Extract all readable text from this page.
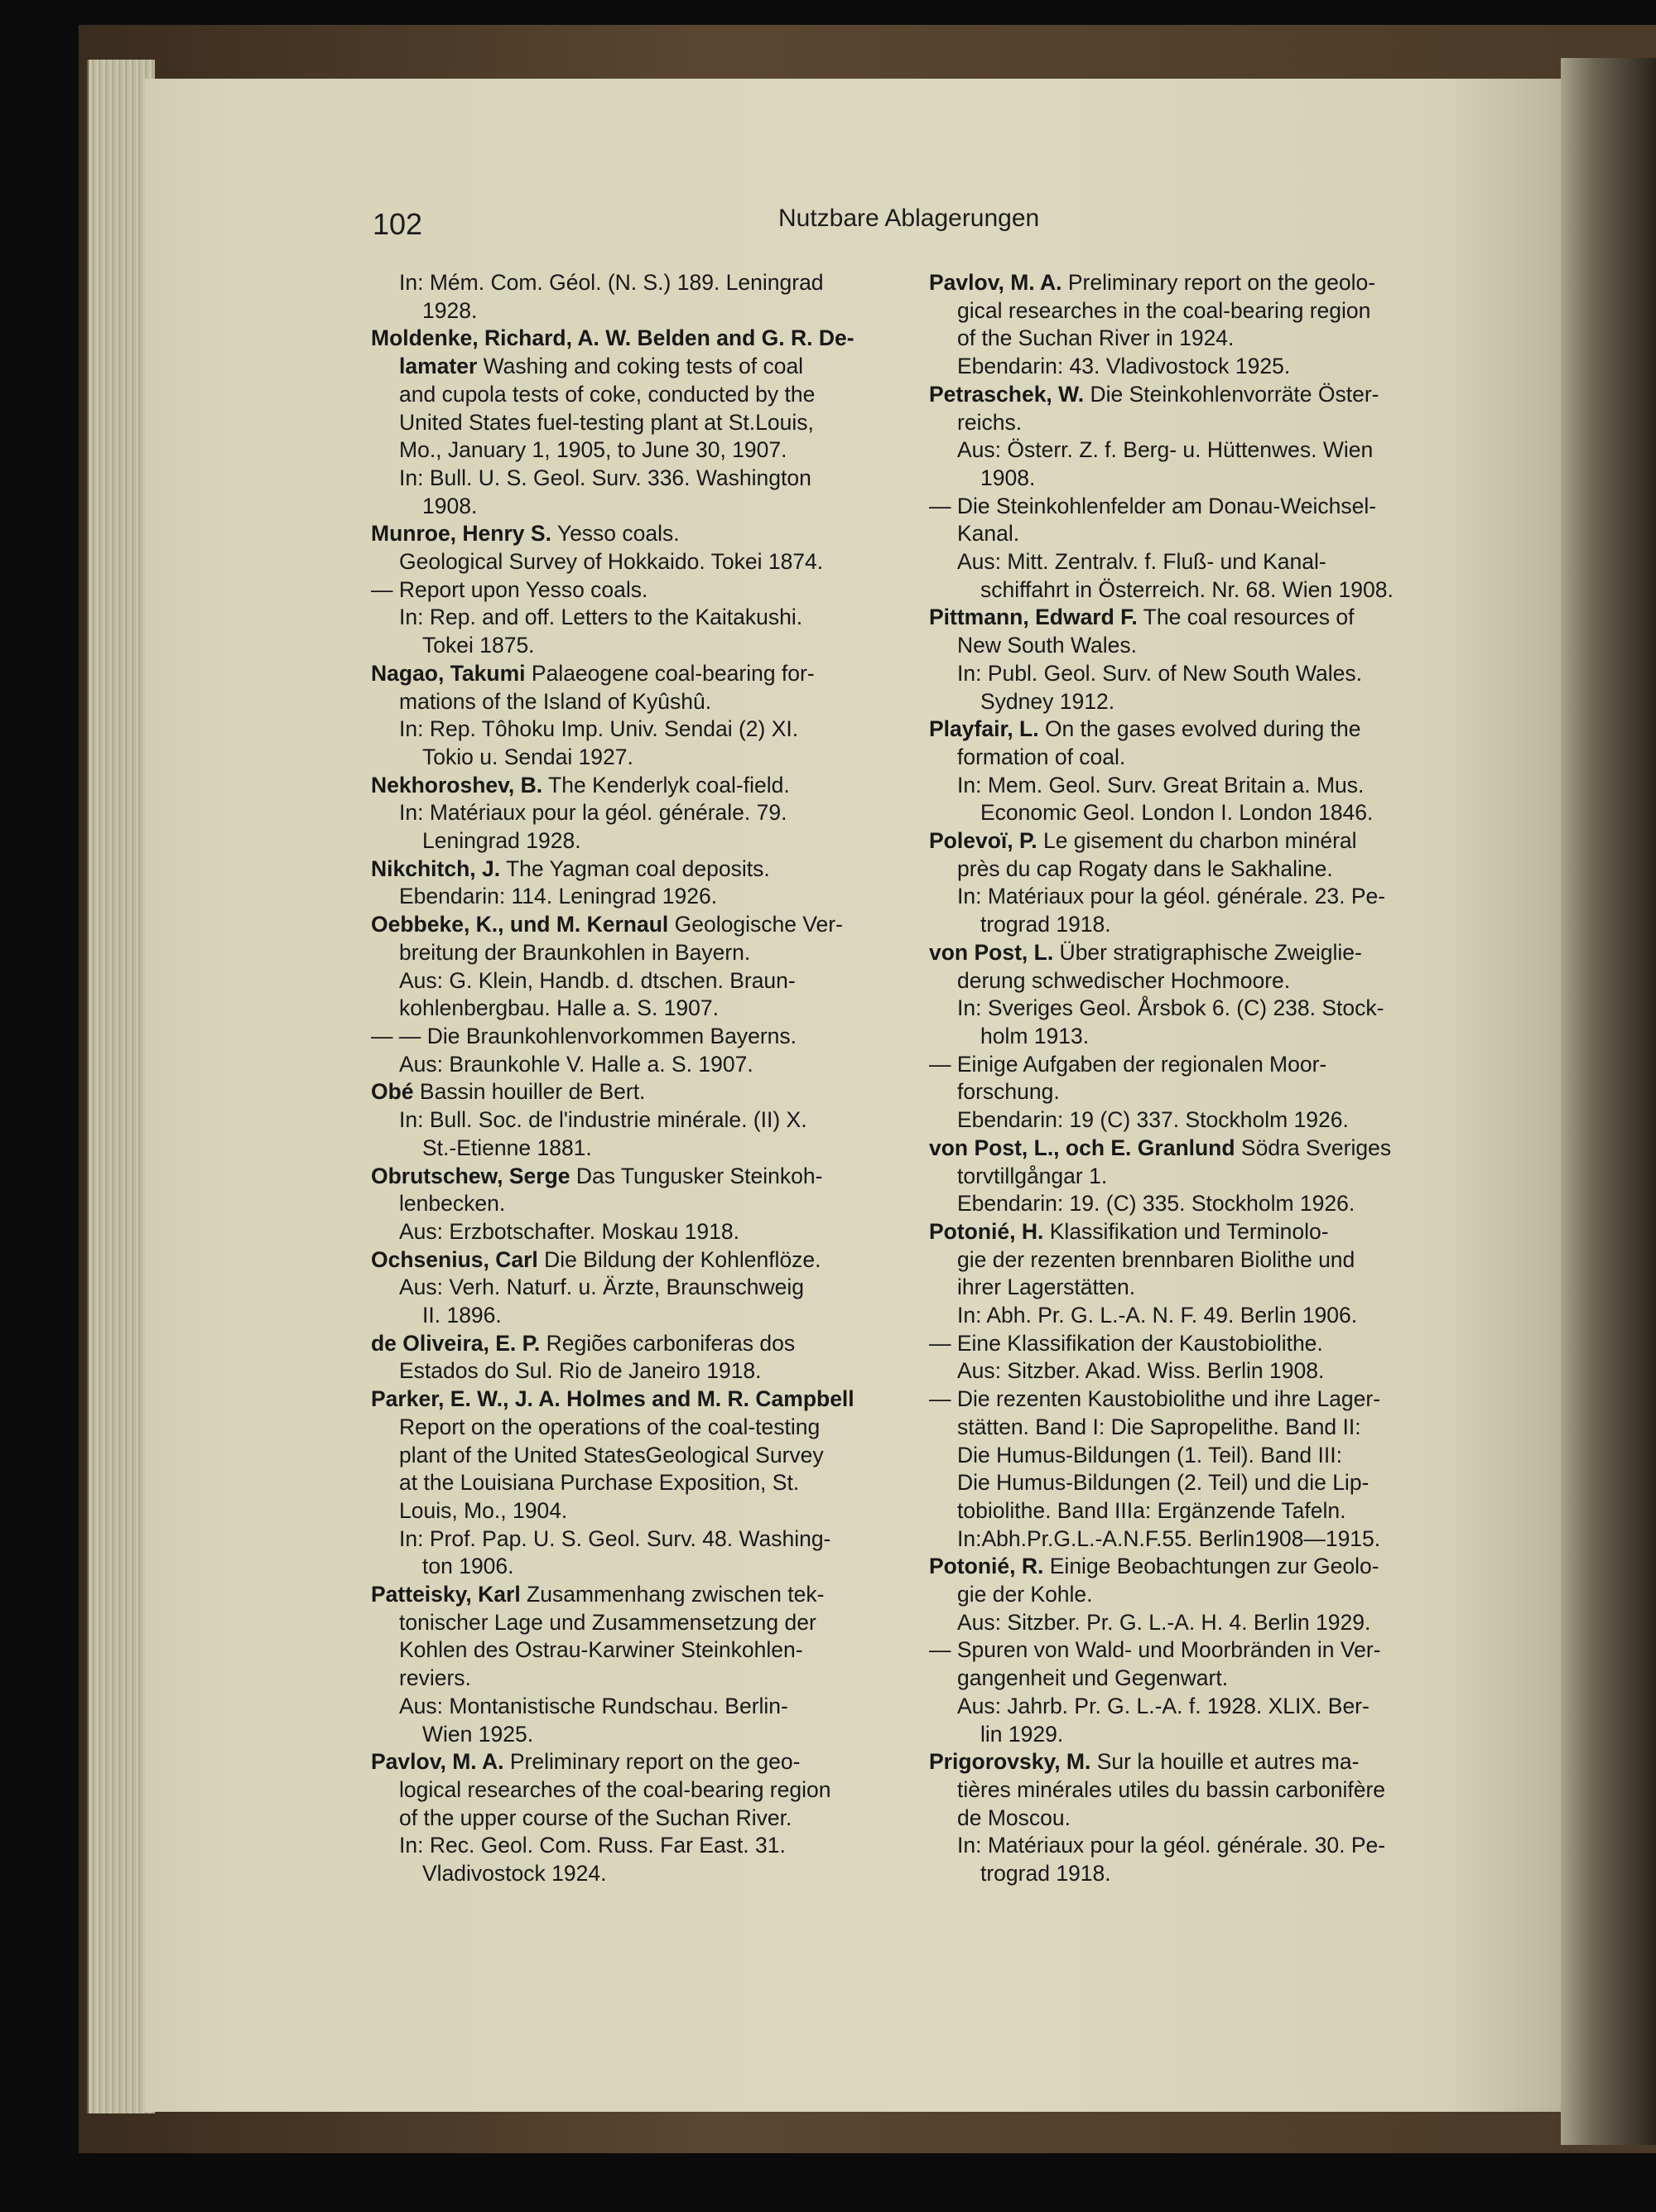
102	Nutzbare Ablagerungen
In: Mém. Com. Géol. (N. S.) 189. Leningrad
1928.
Moldenke, Richard, A. W. Belden and G. R. De-
lamater Washing and coking tests of coal
and cupola tests of coke, conducted by the
United States fuel-testing plant at St.Louis,
Mo., January 1, 1905, to June 30, 1907.
In: Bull. U. S. Geol. Surv. 336. Washington
1908.
Munroe, Henry S. Yesso coals.
Geological Survey of Hokkaido. Tokei 1874.
— Report upon Yesso coals.
In: Rep. and off. Letters to the Kaitakushi.
Tokei 1875.
Nagao, Takumi Palaeogene coal-bearing for-
mations of the Island of Kyûshû.
In: Rep. Tôhoku Imp. Univ. Sendai (2) XI.
Tokio u. Sendai 1927.
Nekhoroshev, B. The Kenderlyk coal-field.
In: Matériaux pour la géol. générale. 79.
Leningrad 1928.
Nikchitch, J. The Yagman coal deposits.
Ebendarin: 114. Leningrad 1926.
Oebbeke, K., und M. Kernaul Geologische Ver-
breitung der Braunkohlen in Bayern.
Aus: G. Klein, Handb. d. dtschen. Braun-
kohlenbergbau. Halle a. S. 1907.
— — Die Braunkohlenvorkommen Bayerns.
Aus: Braunkohle V. Halle a. S. 1907.
Obé Bassin houiller de Bert.
In: Bull. Soc. de l'industrie minérale. (II) X.
St.-Etienne 1881.
Obrutschew, Serge Das Tungusker Steinkoh-
lenbecken.
Aus: Erzbotschafter. Moskau 1918.
Ochsenius, Carl Die Bildung der Kohlenflöze.
Aus: Verh. Naturf. u. Ärzte, Braunschweig
II. 1896.
de Oliveira, E. P. Regiões carboniferas dos
Estados do Sul. Rio de Janeiro 1918.
Parker, E. W., J. A. Holmes and M. R. Campbell
Report on the operations of the coal-testing
plant of the United StatesGeological Survey
at the Louisiana Purchase Exposition, St.
Louis, Mo., 1904.
In: Prof. Pap. U. S. Geol. Surv. 48. Washing-
ton 1906.
Patteisky, Karl Zusammenhang zwischen tek-
tonischer Lage und Zusammensetzung der
Kohlen des Ostrau-Karwiner Steinkohlen-
reviers.
Aus: Montanistische Rundschau. Berlin-
Wien 1925.
Pavlov, M. A. Preliminary report on the geo-
logical researches of the coal-bearing region
of the upper course of the Suchan River.
In: Rec. Geol. Com. Russ. Far East. 31.
Vladivostock 1924.
Pavlov, M. A. Preliminary report on the geolo-
gical researches in the coal-bearing region
of the Suchan River in 1924.
Ebendarin: 43. Vladivostock 1925.
Petraschek, W. Die Steinkohlenvorräte Öster-
reichs.
Aus: Österr. Z. f. Berg- u. Hüttenwes. Wien
1908.
— Die Steinkohlenfelder am Donau-Weichsel-
Kanal.
Aus: Mitt. Zentralv. f. Fluß- und Kanal-
schiffahrt in Österreich. Nr. 68. Wien 1908.
Pittmann, Edward F. The coal resources of
New South Wales.
In: Publ. Geol. Surv. of New South Wales.
Sydney 1912.
Playfair, L. On the gases evolved during the
formation of coal.
In: Mem. Geol. Surv. Great Britain a. Mus.
Economic Geol. London I. London 1846.
Polevoï, P. Le gisement du charbon minéral
près du cap Rogaty dans le Sakhaline.
In: Matériaux pour la géol. générale. 23. Pe-
trograd 1918.
von Post, L. Über stratigraphische Zweiglie-
derung schwedischer Hochmoore.
In: Sveriges Geol. Årsbok 6. (C) 238. Stock-
holm 1913.
— Einige Aufgaben der regionalen Moor-
forschung.
Ebendarin: 19 (C) 337. Stockholm 1926.
von Post, L., och E. Granlund Södra Sveriges
torvtillgångar 1.
Ebendarin: 19. (C) 335. Stockholm 1926.
Potonié, H. Klassifikation und Terminolo-
gie der rezenten brennbaren Biolithe und
ihrer Lagerstätten.
In: Abh. Pr. G. L.-A. N. F. 49. Berlin 1906.
— Eine Klassifikation der Kaustobiolithe.
Aus: Sitzber. Akad. Wiss. Berlin 1908.
— Die rezenten Kaustobiolithe und ihre Lager-
stätten. Band I: Die Sapropelithe. Band II:
Die Humus-Bildungen (1. Teil). Band III:
Die Humus-Bildungen (2. Teil) und die Lip-
tobiolithe. Band IIIa: Ergänzende Tafeln.
In:Abh.Pr.G.L.-A.N.F.55. Berlin1908—1915.
Potonié, R. Einige Beobachtungen zur Geolo-
gie der Kohle.
Aus: Sitzber. Pr. G. L.-A. H. 4. Berlin 1929.
— Spuren von Wald- und Moorbränden in Ver-
gangenheit und Gegenwart.
Aus: Jahrb. Pr. G. L.-A. f. 1928. XLIX. Ber-
lin 1929.
Prigorovsky, M. Sur la houille et autres ma-
tières minérales utiles du bassin carbonifère
de Moscou.
In: Matériaux pour la géol. générale. 30. Pe-
trograd 1918.
